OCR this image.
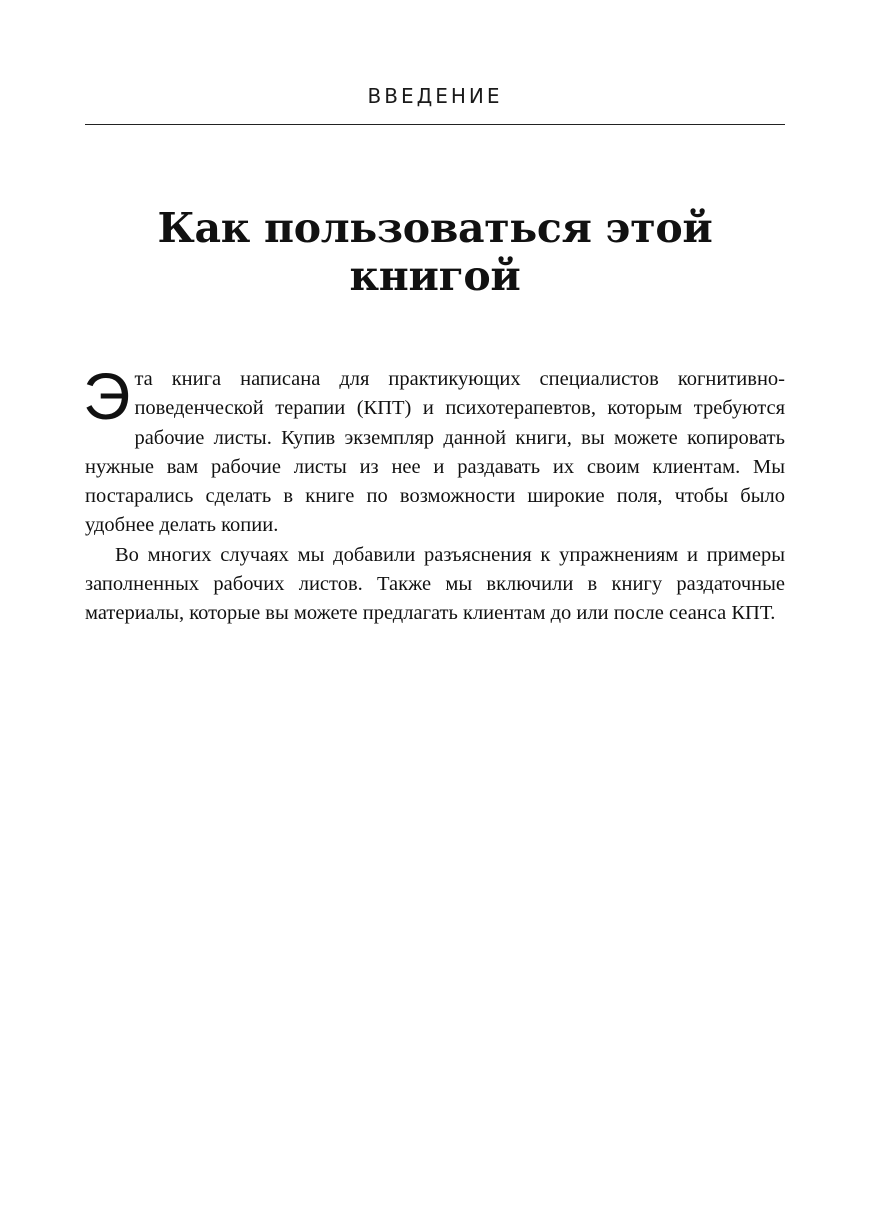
ВВЕДЕНИЕ
Как пользоваться этой книгой

Эта книга написана для практикующих специалистов когнитивно-поведенческой терапии (КПТ) и психотерапевтов, которым требуются рабочие листы. Купив экземпляр данной книги, вы можете копировать нужные вам рабочие листы из нее и раздавать их своим клиентам. Мы постарались сделать в книге по возможности широкие поля, чтобы было удобнее делать копии.

Во многих случаях мы добавили разъяснения к упражнениям и примеры заполненных рабочих листов. Также мы включили в книгу раздаточные материалы, которые вы можете предлагать клиентам до или после сеанса КПТ.
